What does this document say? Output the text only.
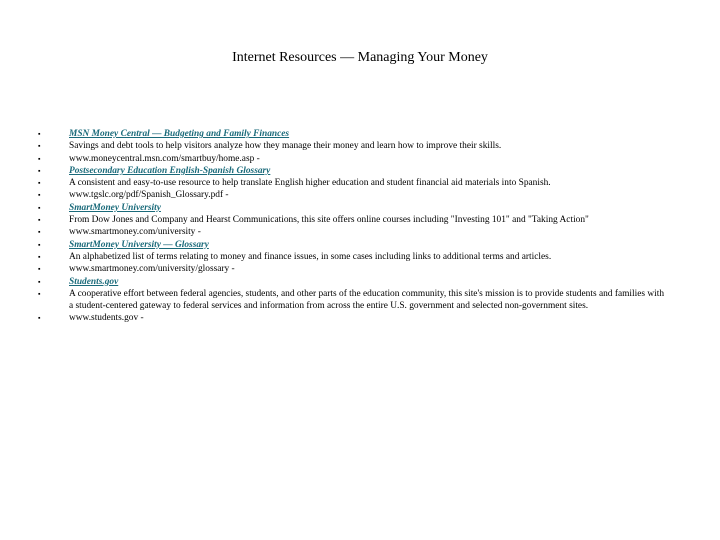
Internet Resources — Managing Your Money
▪	MSN Money Central — Budgeting and Family Finances
▪	Savings and debt tools to help visitors analyze how they manage their money and learn how to improve their skills.
▪	www.moneycentral.msn.com/smartbuy/home.asp -
▪	Postsecondary Education English-Spanish Glossary
▪	A consistent and easy-to-use resource to help translate English higher education and student financial aid materials into Spanish.
▪	www.tgslc.org/pdf/Spanish_Glossary.pdf -
▪	SmartMoney University
▪	From Dow Jones and Company and Hearst Communications, this site offers online courses including "Investing 101" and "Taking Action"
▪	www.smartmoney.com/university -
▪	SmartMoney University — Glossary
▪	An alphabetized list of terms relating to money and finance issues, in some cases including links to additional terms and articles.
▪	www.smartmoney.com/university/glossary -
▪	Students.gov
▪	A cooperative effort between federal agencies, students, and other parts of the education community, this site's mission is to provide students and families with a student-centered gateway to federal services and information from across the entire U.S. government and selected non-government sites.
▪	www.students.gov -
